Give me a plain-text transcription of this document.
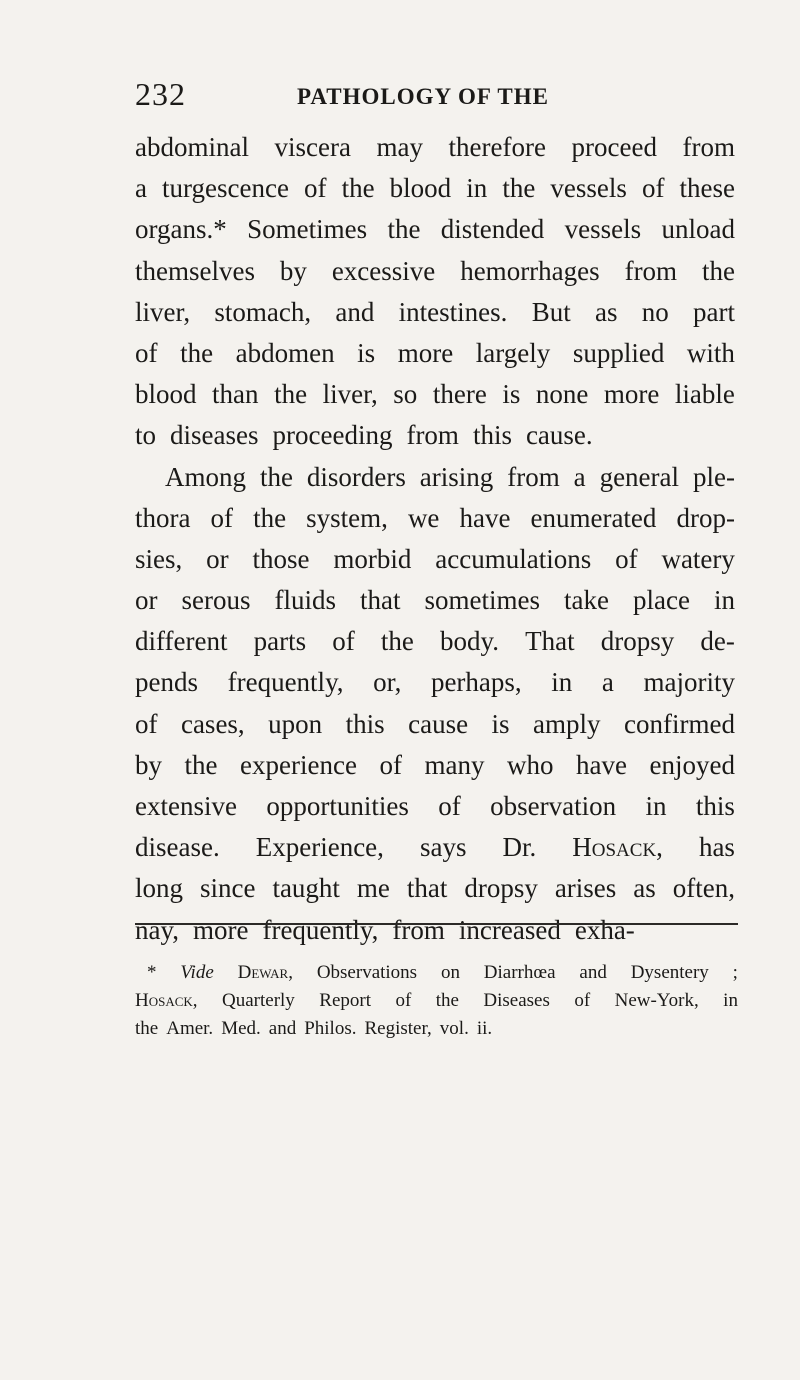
232	PATHOLOGY OF THE
abdominal viscera may therefore proceed from
a turgescence of the blood in the vessels of these
organs.* Sometimes the distended vessels unload
themselves by excessive hemorrhages from the
liver, stomach, and intestines. But as no part
of the abdomen is more largely supplied with
blood than the liver, so there is none more liable
to diseases proceeding from this cause.
Among the disorders arising from a general ple-
thora of the system, we have enumerated drop-
sies, or those morbid accumulations of watery
or serous fluids that sometimes take place in
different parts of the body. That dropsy de-
pends frequently, or, perhaps, in a majority
of cases, upon this cause is amply confirmed
by the experience of many who have enjoyed
extensive opportunities of observation in this
disease. Experience, says Dr. Hosack, has
long since taught me that dropsy arises as often,
nay, more frequently, from increased exha-
* Vide Dewar, Observations on Diarrhœa and Dysentery ;
Hosack, Quarterly Report of the Diseases of New-York, in
the Amer. Med. and Philos. Register, vol. ii.
